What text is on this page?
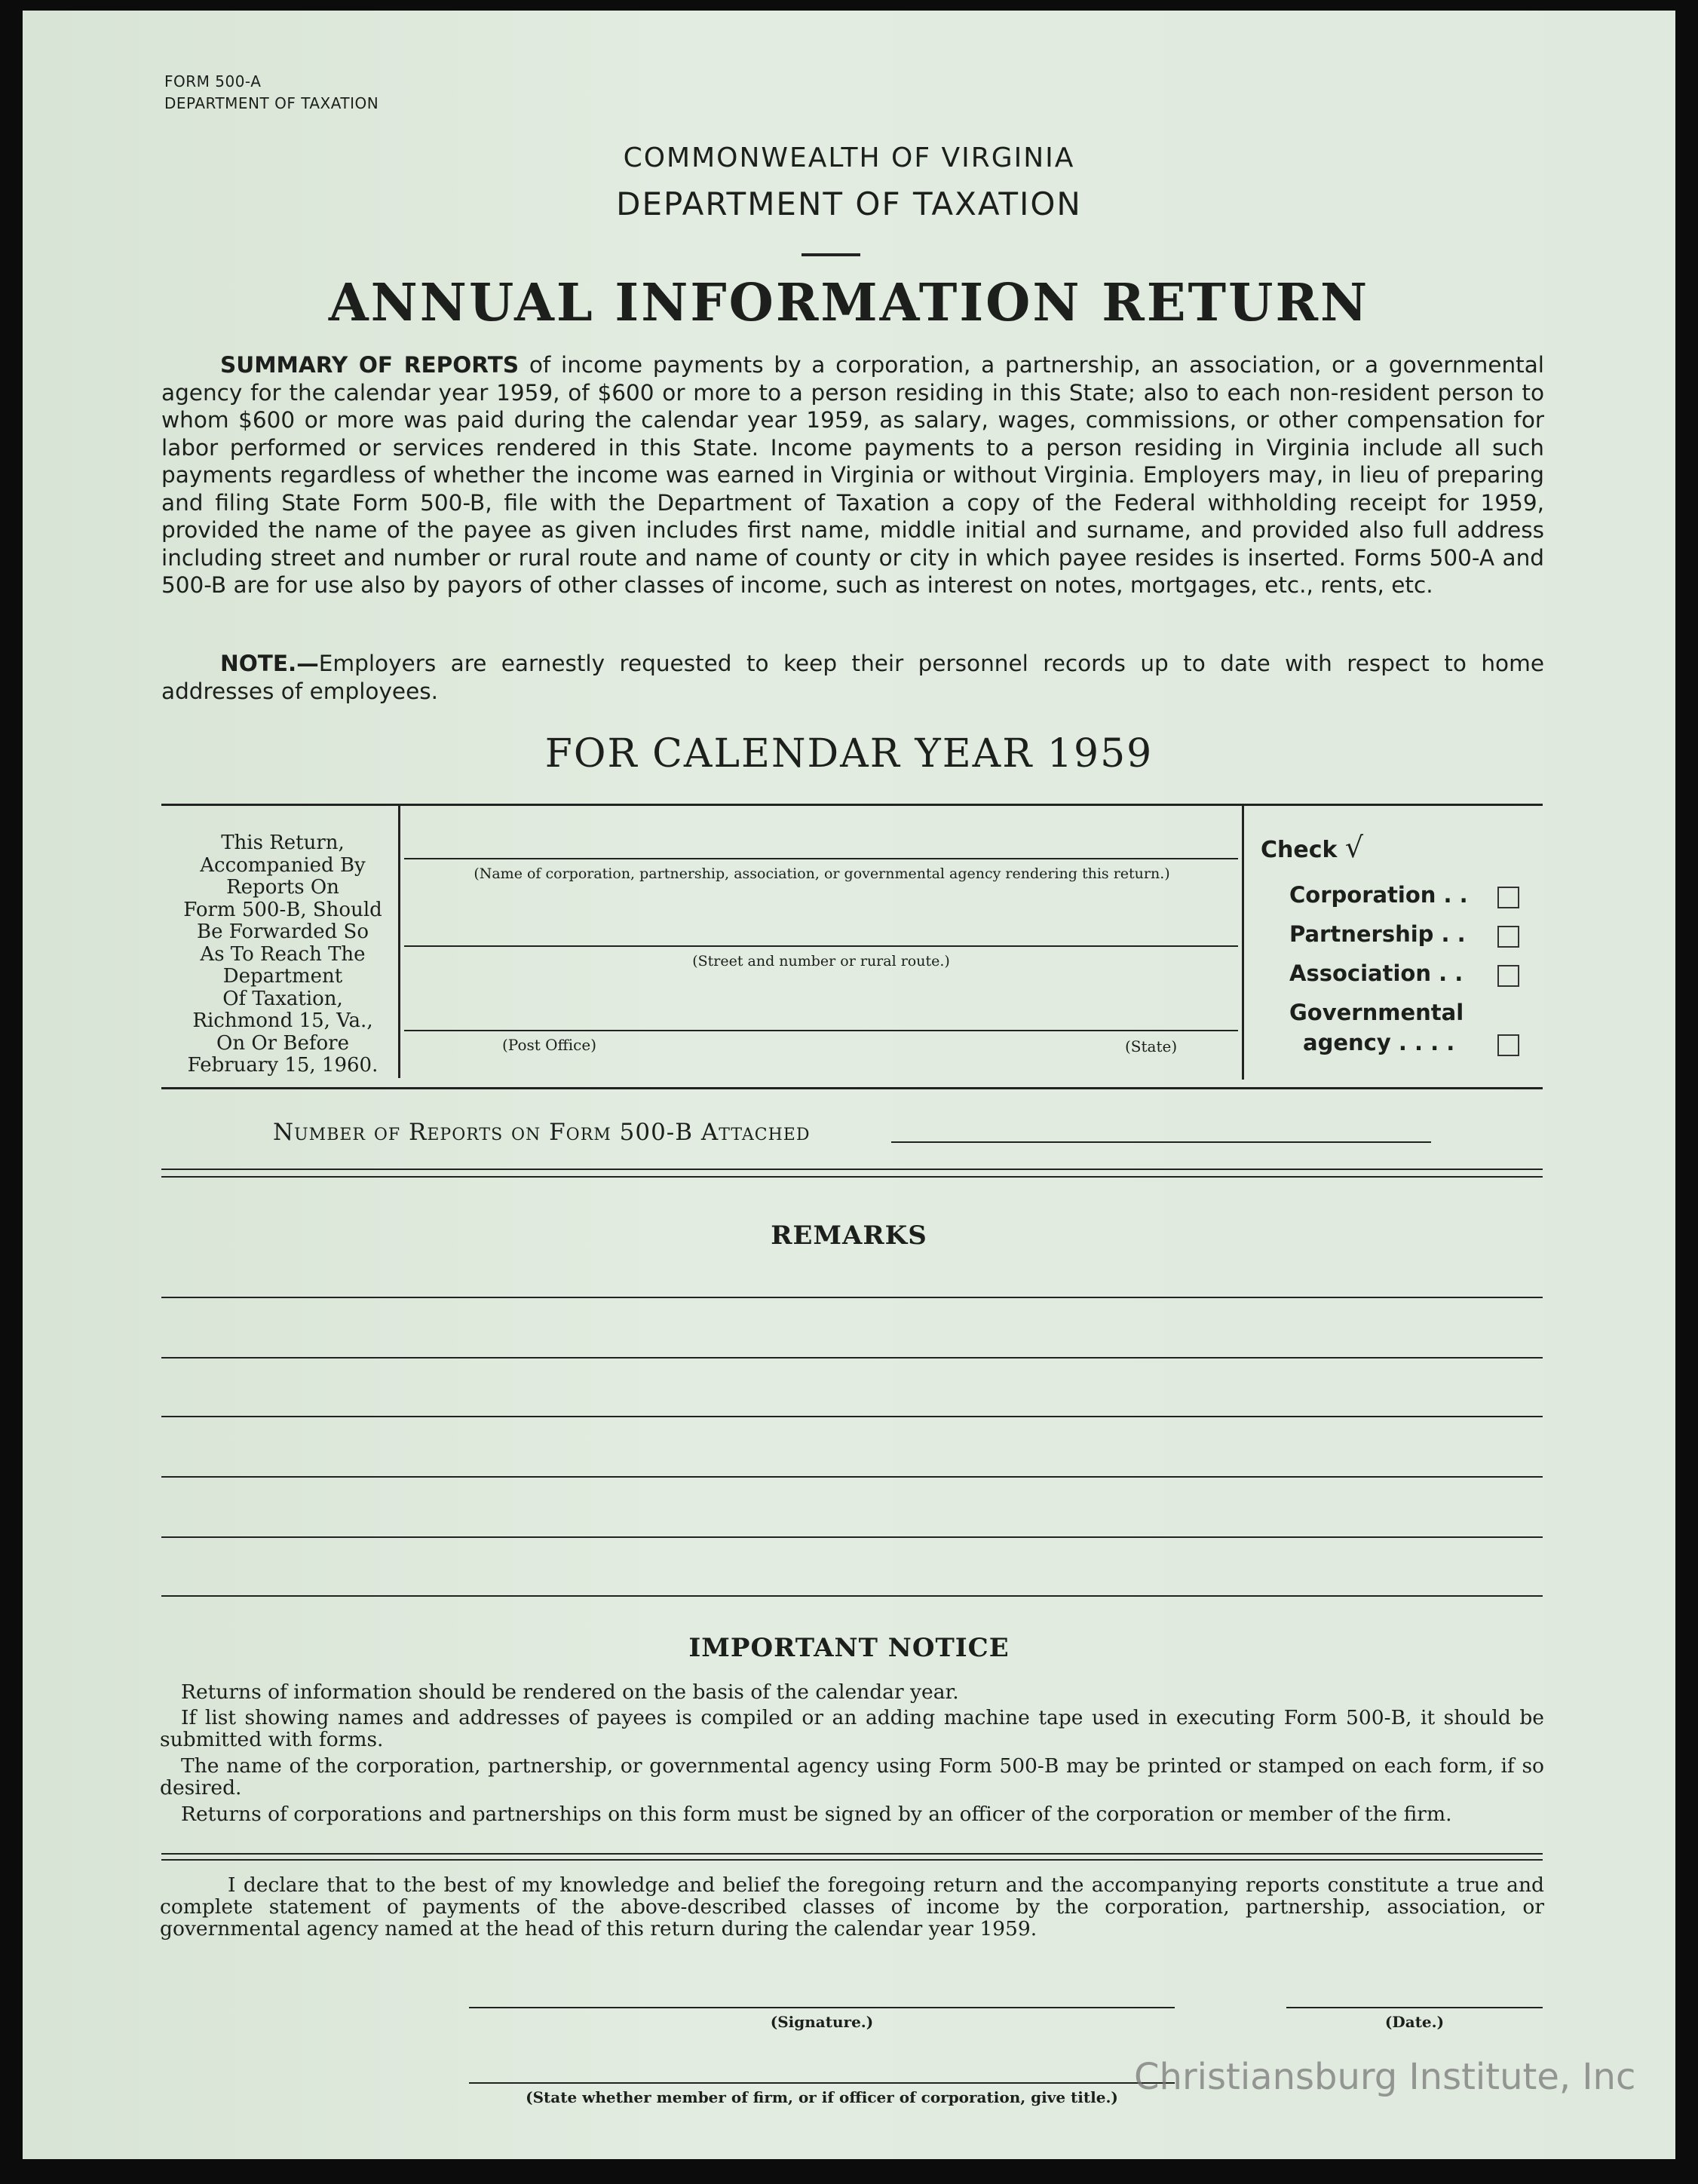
FORM 500-A
DEPARTMENT OF TAXATION
COMMONWEALTH OF VIRGINIA
DEPARTMENT OF TAXATION
ANNUAL INFORMATION RETURN
SUMMARY OF REPORTS of income payments by a corporation, a partnership, an association, or a governmental agency for the calendar year 1959, of $600 or more to a person residing in this State; also to each non-resident person to whom $600 or more was paid during the calendar year 1959, as salary, wages, commissions, or other compensation for labor performed or services rendered in this State. Income payments to a person residing in Virginia include all such payments regardless of whether the income was earned in Virginia or without Virginia. Employers may, in lieu of preparing and filing State Form 500-B, file with the Department of Taxation a copy of the Federal withholding receipt for 1959, provided the name of the payee as given includes first name, middle initial and surname, and provided also full address including street and number or rural route and name of county or city in which payee resides is inserted. Forms 500-A and 500-B are for use also by payors of other classes of income, such as interest on notes, mortgages, etc., rents, etc.
NOTE.—Employers are earnestly requested to keep their personnel records up to date with respect to home addresses of employees.
FOR CALENDAR YEAR 1959
This Return,
Accompanied By
Reports On
Form 500-B, Should
Be Forwarded So
As To Reach The
Department
Of Taxation,
Richmond 15, Va.,
On Or Before
February 15, 1960.
(Name of corporation, partnership, association, or governmental agency rendering this return.)
(Street and number or rural route.)
(Post Office)	(State)
Check √
Corporation . .
Partnership . .
Association . .
Governmental
agency . . . .
Number of Reports on Form 500-B Attached
REMARKS
IMPORTANT NOTICE
Returns of information should be rendered on the basis of the calendar year.
If list showing names and addresses of payees is compiled or an adding machine tape used in executing Form 500-B, it should be submitted with forms.
The name of the corporation, partnership, or governmental agency using Form 500-B may be printed or stamped on each form, if so desired.
Returns of corporations and partnerships on this form must be signed by an officer of the corporation or member of the firm.
I declare that to the best of my knowledge and belief the foregoing return and the accompanying reports constitute a true and complete statement of payments of the above-described classes of income by the corporation, partnership, association, or governmental agency named at the head of this return during the calendar year 1959.
(Signature.)	(Date.)
(State whether member of firm, or if officer of corporation, give title.) Christiansburg Institute, Inc
